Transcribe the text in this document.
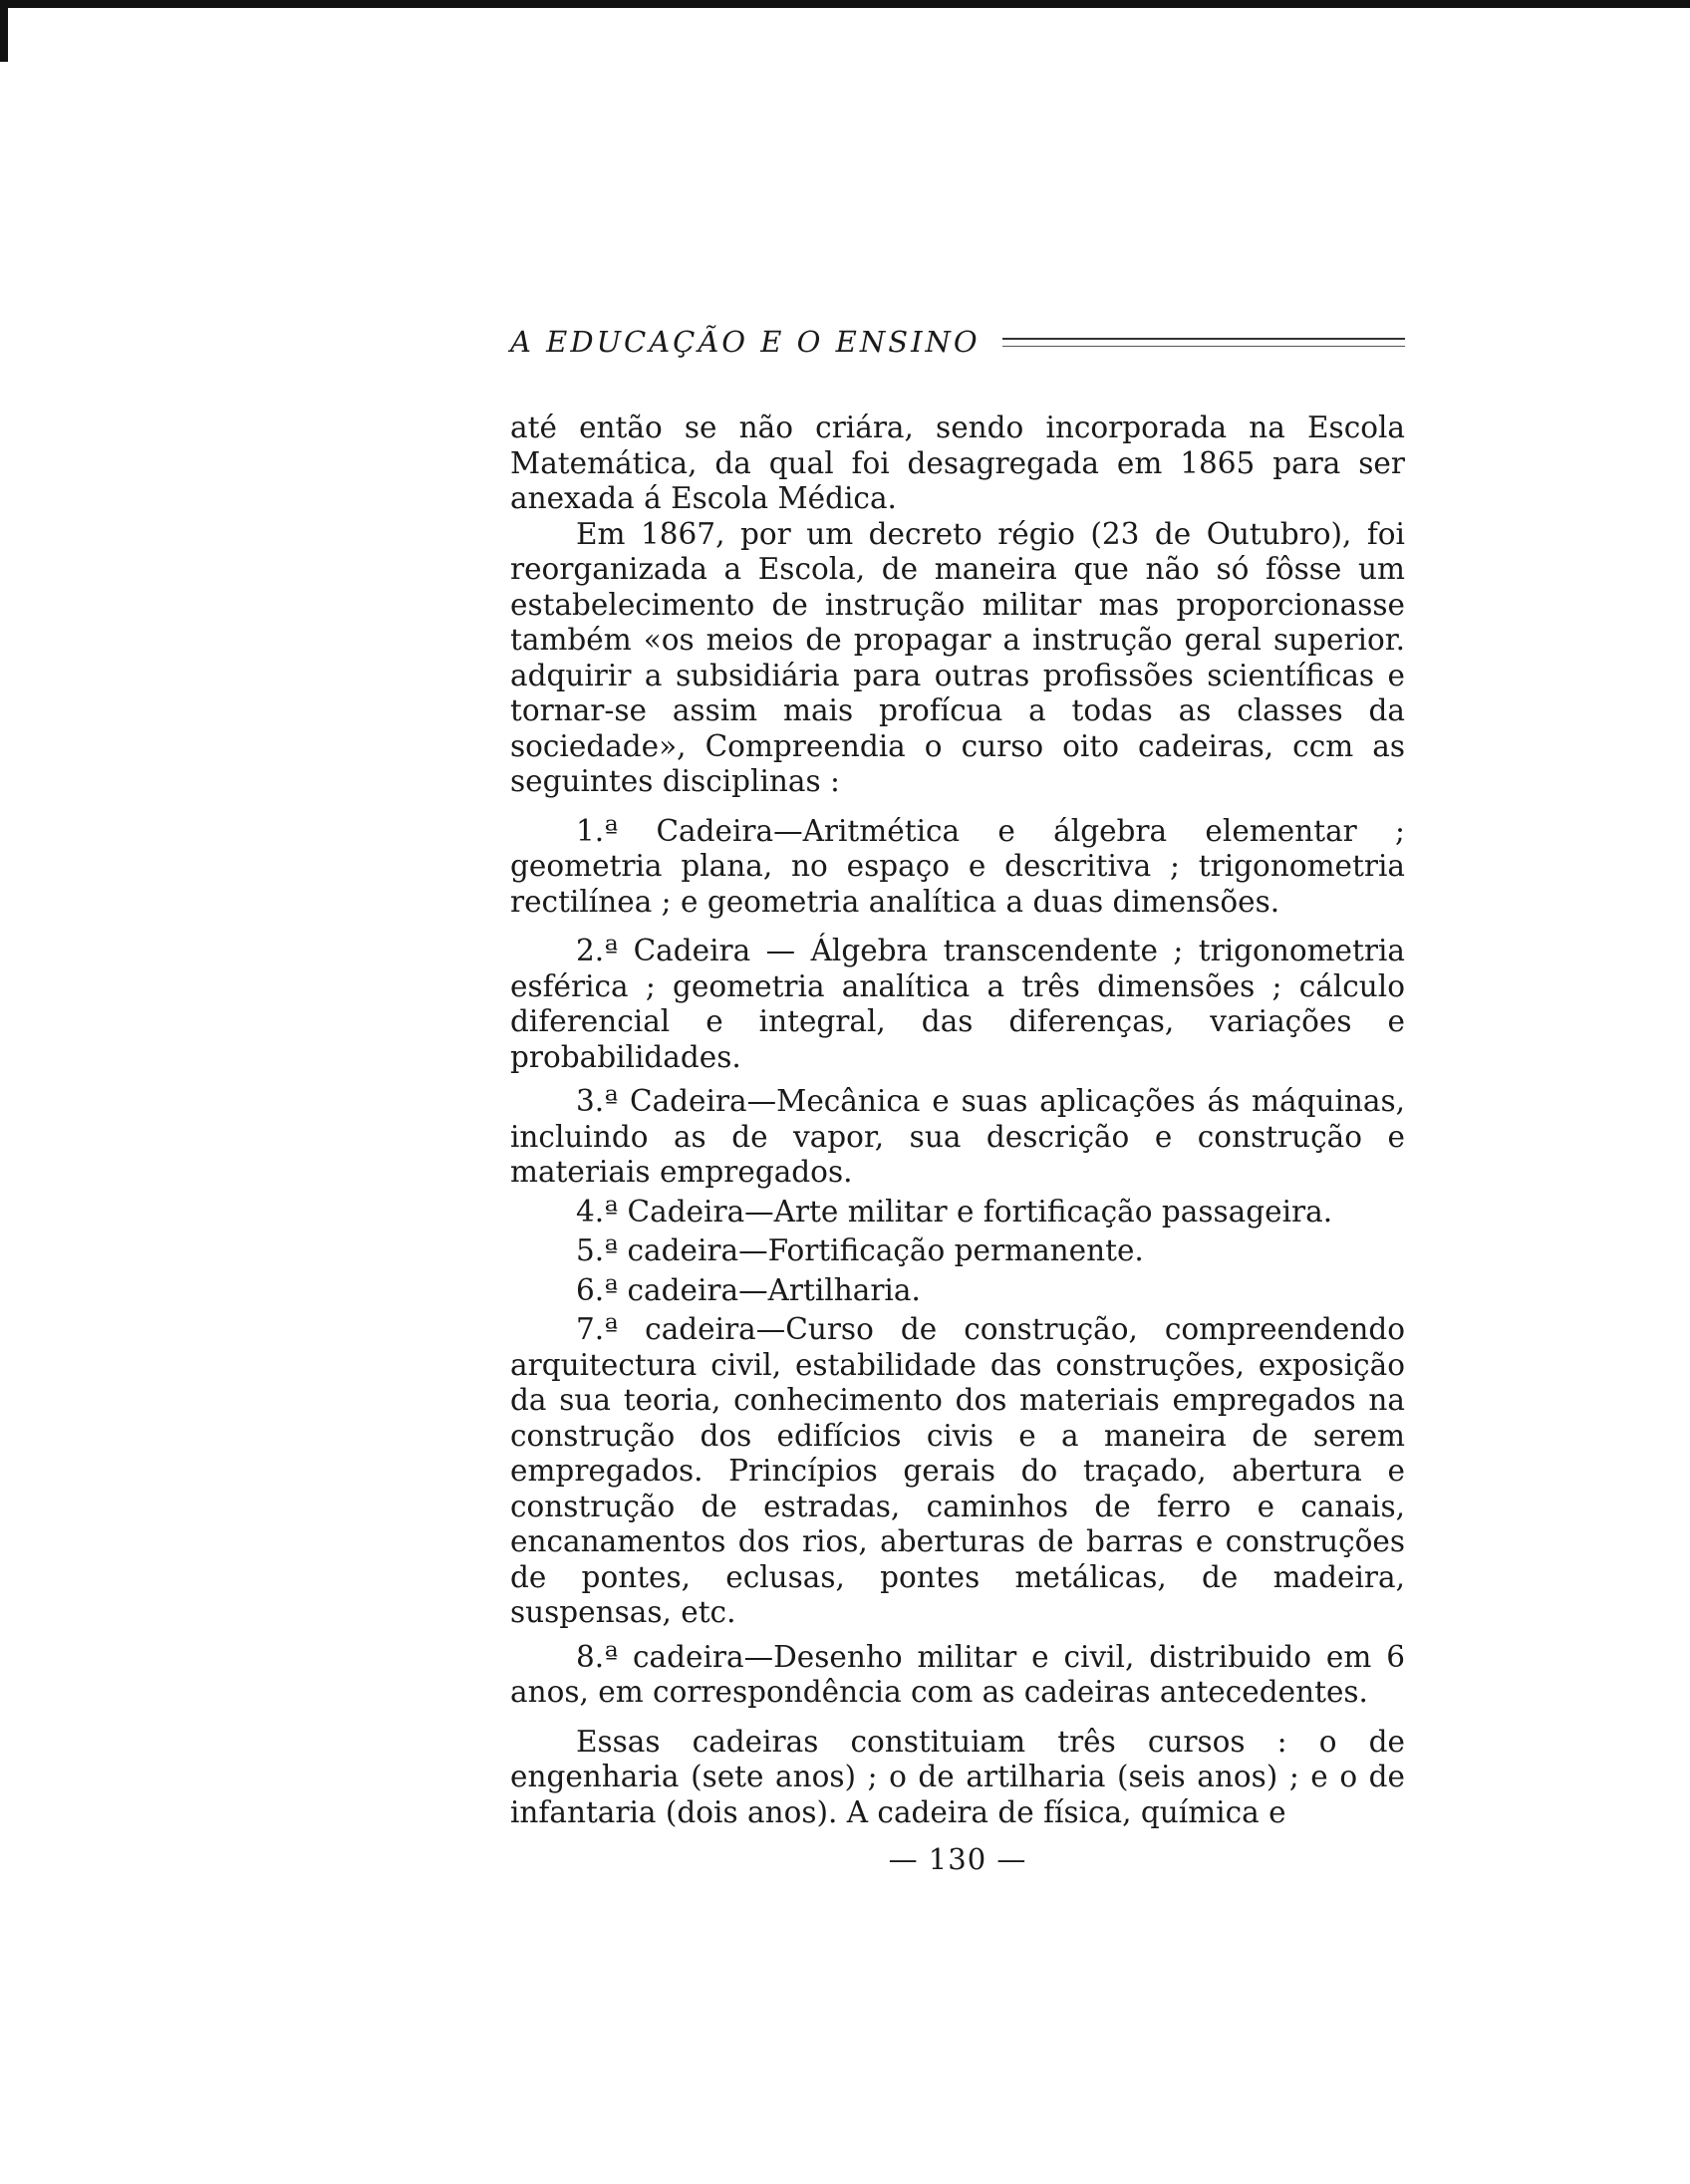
A EDUCAÇÃO E O ENSINO

até então se não criára, sendo incorporada na Escola Matemática, da qual foi desagregada em 1865 para ser anexada á Escola Médica.

Em 1867, por um decreto régio (23 de Outubro), foi reorganizada a Escola, de maneira que não só fôsse um estabelecimento de instrução militar mas proporcionasse também «os meios de propagar a instrução geral superior. adquirir a subsidiária para outras profissões scientíficas e tornar-se assim mais profícua a todas as classes da sociedade», Compreendia o curso oito cadeiras, ccm as seguintes disciplinas :

1.ª Cadeira—Aritmética e álgebra elementar ; geometria plana, no espaço e descritiva ; trigonometria rectilínea ; e geometria analítica a duas dimensões.

2.ª Cadeira — Álgebra transcendente ; trigonometria esférica ; geometria analítica a três dimensões ; cálculo diferencial e integral, das diferenças, variações e probabilidades.

3.ª Cadeira—Mecânica e suas aplicações ás máquinas, incluindo as de vapor, sua descrição e construção e materiais empregados.

4.ª Cadeira—Arte militar e fortificação passageira.

5.ª cadeira—Fortificação permanente.

6.ª cadeira—Artilharia.

7.ª cadeira—Curso de construção, compreendendo arquitectura civil, estabilidade das construções, exposição da sua teoria, conhecimento dos materiais empregados na construção dos edifícios civis e a maneira de serem empregados. Princípios gerais do traçado, abertura e construção de estradas, caminhos de ferro e canais, encanamentos dos rios, aberturas de barras e construções de pontes, eclusas, pontes metálicas, de madeira, suspensas, etc.

8.ª cadeira—Desenho militar e civil, distribuido em 6 anos, em correspondência com as cadeiras antecedentes.

Essas cadeiras constituiam três cursos : o de engenharia (sete anos) ; o de artilharia (seis anos) ; e o de infantaria (dois anos). A cadeira de física, química e

— 130 —
